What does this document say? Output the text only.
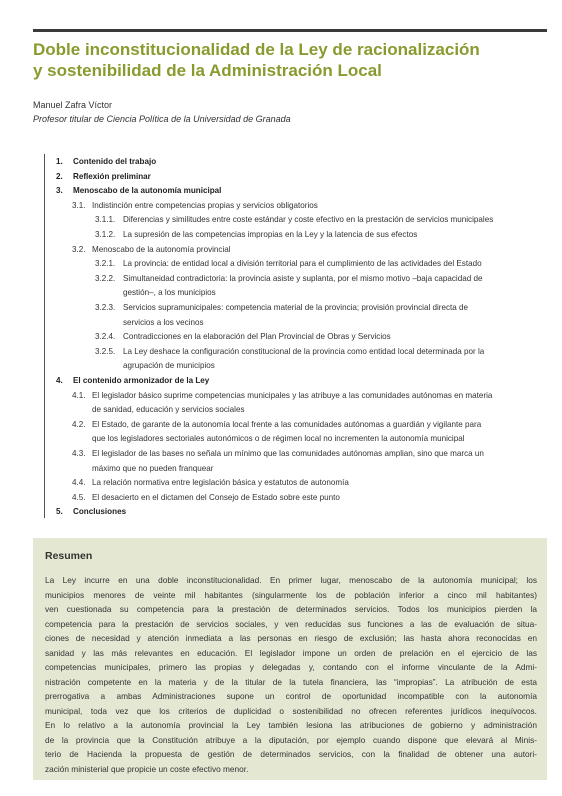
Doble inconstitucionalidad de la Ley de racionalización
y sostenibilidad de la Administración Local
Manuel Zafra Víctor
Profesor titular de Ciencia Política de la Universidad de Granada
1. Contenido del trabajo
2. Reflexión preliminar
3. Menoscabo de la autonomía municipal
3.1. Indistinción entre competencias propias y servicios obligatorios
3.1.1. Diferencias y similitudes entre coste estándar y coste efectivo en la prestación de servicios municipales
3.1.2. La supresión de las competencias impropias en la Ley y la latencia de sus efectos
3.2. Menoscabo de la autonomía provincial
3.2.1. La provincia: de entidad local a división territorial para el cumplimiento de las actividades del Estado
3.2.2. Simultaneidad contradictoria: la provincia asiste y suplanta, por el mismo motivo –baja capacidad de
gestión–, a los municipios
3.2.3. Servicios supramunicipales: competencia material de la provincia; provisión provincial directa de
servicios a los vecinos
3.2.4. Contradicciones en la elaboración del Plan Provincial de Obras y Servicios
3.2.5. La Ley deshace la configuración constitucional de la provincia como entidad local determinada por la
agrupación de municipios
4. El contenido armonizador de la Ley
4.1. El legislador básico suprime competencias municipales y las atribuye a las comunidades autónomas en materia
de sanidad, educación y servicios sociales
4.2. El Estado, de garante de la autonomía local frente a las comunidades autónomas a guardián y vigilante para
que los legisladores sectoriales autonómicos o de régimen local no incrementen la autonomía municipal
4.3. El legislador de las bases no señala un mínimo que las comunidades autónomas amplian, sino que marca un
máximo que no pueden franquear
4.4. La relación normativa entre legislación básica y estatutos de autonomía
4.5. El desacierto en el dictamen del Consejo de Estado sobre este punto
5. Conclusiones
Resumen
La Ley incurre en una doble inconstitucionalidad. En primer lugar, menoscabo de la autonomía municipal; los
municipios menores de veinte mil habitantes (singularmente los de población inferior a cinco mil habitantes)
ven cuestionada su competencia para la prestación de determinados servicios. Todos los municipios pierden la
competencia para la prestación de servicios sociales, y ven reducidas sus funciones a las de evaluación de situa-
ciones de necesidad y atención inmediata a las personas en riesgo de exclusión; las hasta ahora reconocidas en
sanidad y las más relevantes en educación. El legislador impone un orden de prelación en el ejercicio de las
competencias municipales, primero las propias y delegadas y, contando con el informe vinculante de la Admi-
nistración competente en la materia y de la titular de la tutela financiera, las “impropias”. La atribución de esta
prerrogativa a ambas Administraciones supone un control de oportunidad incompatible con la autonomía
municipal, toda vez que los criterios de duplicidad o sostenibilidad no ofrecen referentes jurídicos inequívocos.
En lo relativo a la autonomía provincial la Ley también lesiona las atribuciones de gobierno y administración
de la provincia que la Constitución atribuye a la diputación, por ejemplo cuando dispone que elevará al Minis-
terio de Hacienda la propuesta de gestión de determinados servicios, con la finalidad de obtener una autori-
zación ministerial que propicie un coste efectivo menor.
